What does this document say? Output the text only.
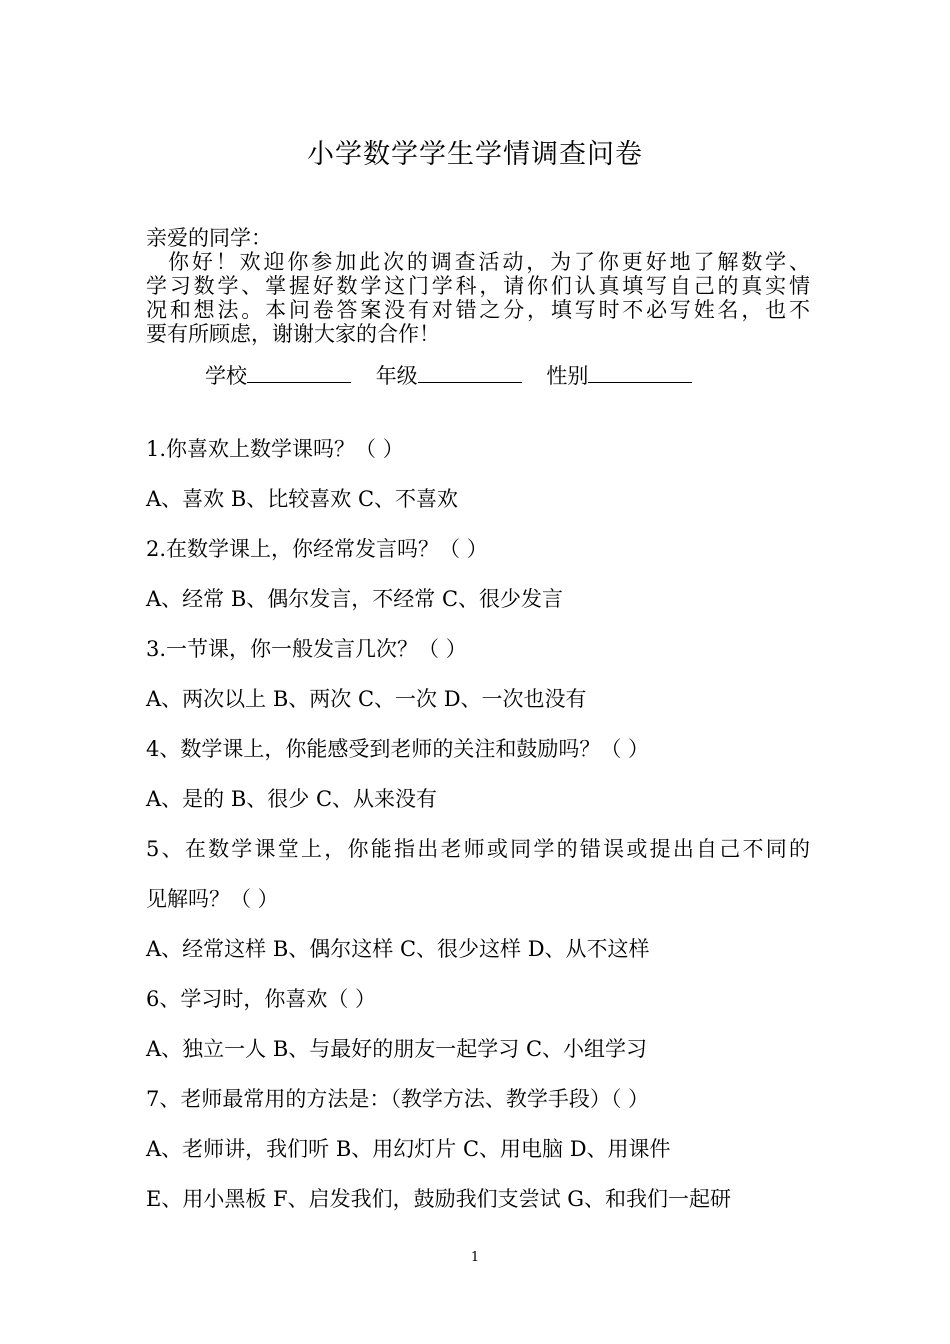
小学数学学生学情调查问卷

亲爱的同学：

你好！欢迎你参加此次的调查活动，为了你更好地了解数学、

学习数学、掌握好数学这门学科，请你们认真填写自己的真实情

况和想法。本问卷答案没有对错之分，填写时不必写姓名，也不

要有所顾虑，谢谢大家的合作！

学校	年级	性别
1.你喜欢上数学课吗？（ ）
A、喜欢 B、比较喜欢 C、不喜欢
2.在数学课上，你经常发言吗？（ ）
A、经常 B、偶尔发言，不经常 C、很少发言
3.一节课，你一般发言几次？（ ）
A、两次以上 B、两次 C、一次 D、一次也没有
4、数学课上，你能感受到老师的关注和鼓励吗？（ ）
A、是的 B、很少 C、从来没有
5、在数学课堂上，你能指出老师或同学的错误或提出自己不同的
见解吗？（ ）
A、经常这样 B、偶尔这样 C、很少这样 D、从不这样
6、学习时，你喜欢（ ）
A、独立一人 B、与最好的朋友一起学习 C、小组学习
7、老师最常用的方法是：（教学方法、教学手段）（ ）
A、老师讲，我们听 B、用幻灯片 C、用电脑 D、用课件
E、用小黑板 F、启发我们，鼓励我们支尝试 G、和我们一起研
1
